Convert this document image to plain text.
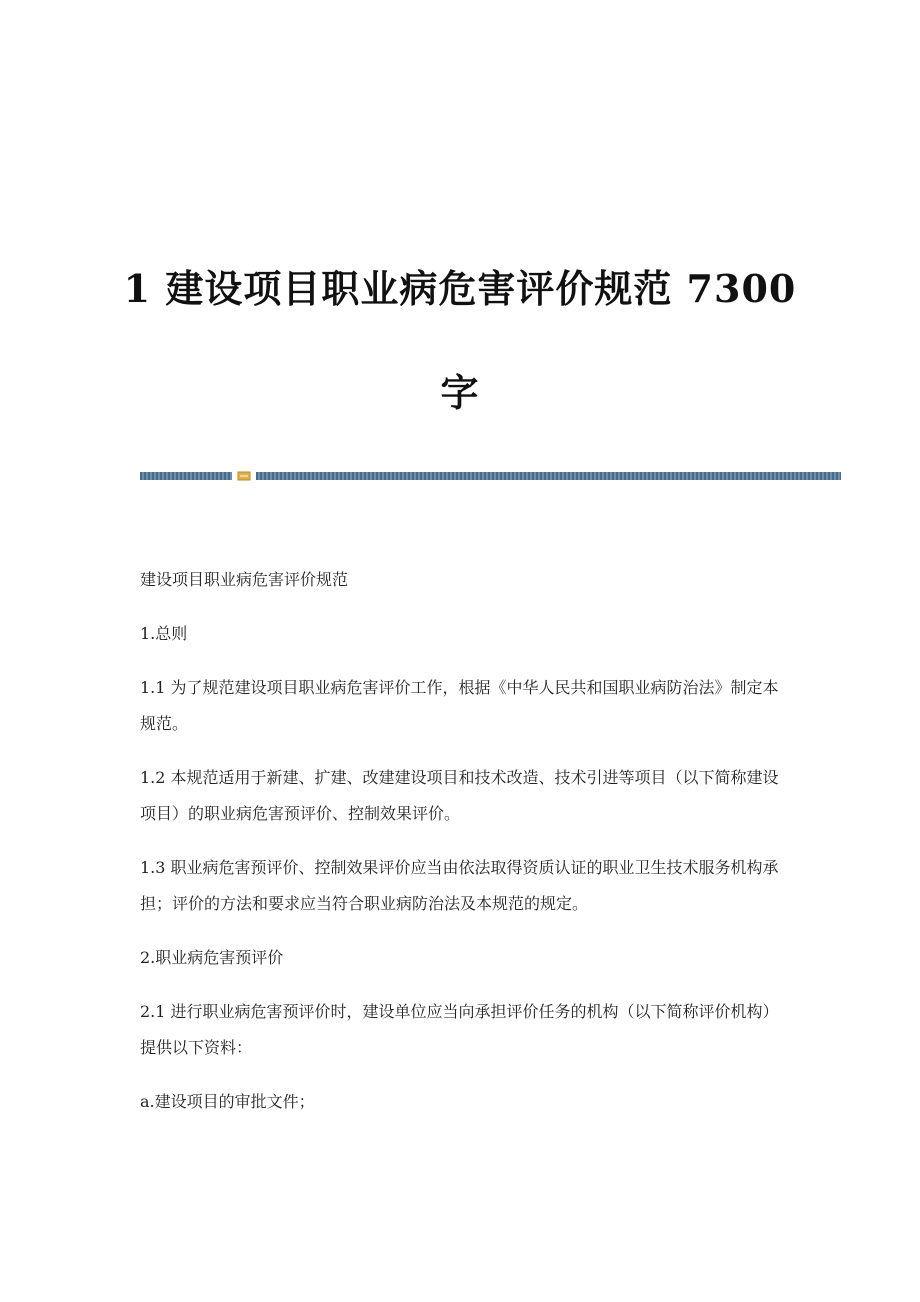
1 建设项目职业病危害评价规范 7300
字

建设项目职业病危害评价规范

1.总则

1.1 为了规范建设项目职业病危害评价工作，根据《中华人民共和国职业病防治法》制定本规范。

1.2 本规范适用于新建、扩建、改建建设项目和技术改造、技术引进等项目（以下简称建设项目）的职业病危害预评价、控制效果评价。

1.3 职业病危害预评价、控制效果评价应当由依法取得资质认证的职业卫生技术服务机构承担；评价的方法和要求应当符合职业病防治法及本规范的规定。

2.职业病危害预评价

2.1 进行职业病危害预评价时，建设单位应当向承担评价任务的机构（以下简称评价机构）提供以下资料：

a.建设项目的审批文件；
